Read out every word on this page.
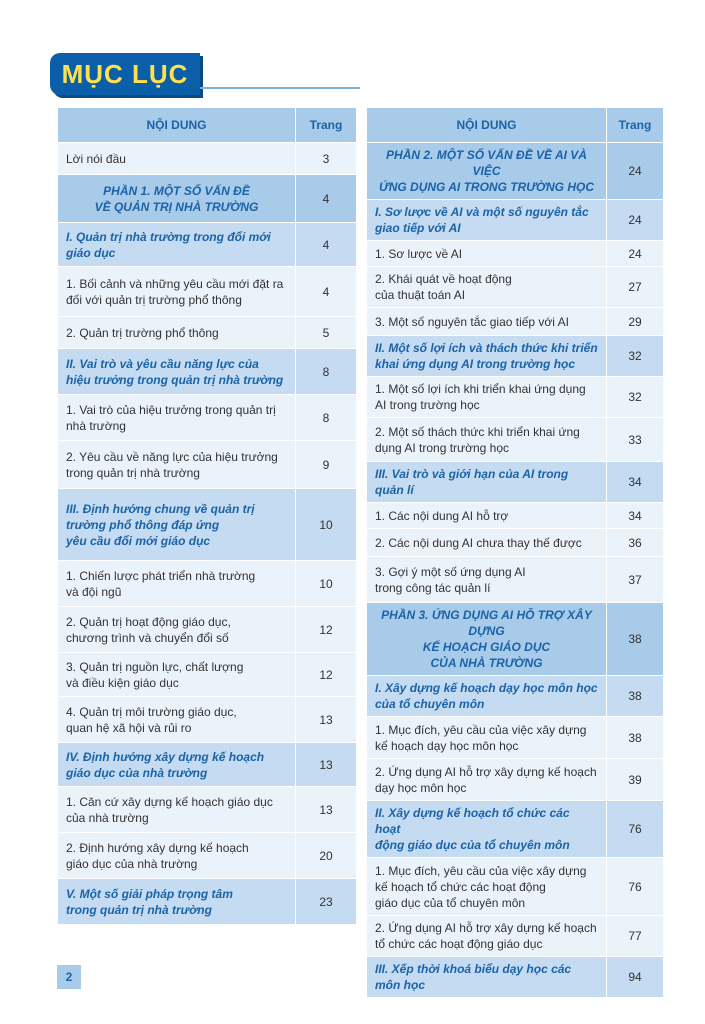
MỤC LỤC
NỘI DUNG	Trang
Lời nói đầu	3
PHẦN 1. MỘT SỐ VẤN ĐỀ
VỀ QUẢN TRỊ NHÀ TRƯỜNG	4
I. Quản trị nhà trường trong đổi mới
giáo dục	4
1. Bối cảnh và những yêu cầu mới đặt ra
đối với quản trị trường phổ thông	4
2. Quản trị trường phổ thông	5
II. Vai trò và yêu cầu năng lực của
hiệu trưởng trong quản trị nhà trường	8
1. Vai trò của hiệu trưởng trong quản trị
nhà trường	8
2. Yêu cầu về năng lực của hiệu trưởng
trong quản trị nhà trường	9
III. Định hướng chung về quản trị
trường phổ thông đáp ứng
yêu cầu đổi mới giáo dục	10
1. Chiến lược phát triển nhà trường
và đội ngũ	10
2. Quản trị hoạt động giáo dục,
chương trình và chuyển đổi số	12
3. Quản trị nguồn lực, chất lượng
và điều kiện giáo dục	12
4. Quản trị môi trường giáo dục,
quan hệ xã hội và rủi ro	13
IV. Định hướng xây dựng kế hoạch
giáo dục của nhà trường	13
1. Căn cứ xây dựng kế hoạch giáo dục
của nhà trường	13
2. Định hướng xây dựng kế hoạch
giáo dục của nhà trường	20
V. Một số giải pháp trọng tâm
trong quản trị nhà trường	23
NỘI DUNG	Trang
PHẦN 2. MỘT SỐ VẤN ĐỀ VỀ AI VÀ VIỆC
ỨNG DỤNG AI TRONG TRƯỜNG HỌC	24
I. Sơ lược về AI và một số nguyên tắc
giao tiếp với AI	24
1. Sơ lược về AI	24
2. Khái quát về hoạt động
của thuật toán AI	27
3. Một số nguyên tắc giao tiếp với AI	29
II. Một số lợi ích và thách thức khi triển
khai ứng dụng AI trong trường học	32
1. Một số lợi ích khi triển khai ứng dụng
AI trong trường học	32
2. Một số thách thức khi triển khai ứng
dụng AI trong trường học	33
III. Vai trò và giới hạn của AI trong quản lí	34
1. Các nội dung AI hỗ trợ	34
2. Các nội dung AI chưa thay thế được	36
3. Gợi ý một số ứng dụng AI
trong công tác quản lí	37
PHẦN 3. ỨNG DỤNG AI HỖ TRỢ XÂY DỰNG
KẾ HOẠCH GIÁO DỤC
CỦA NHÀ TRƯỜNG	38
I. Xây dựng kế hoạch dạy học môn học
của tổ chuyên môn	38
1. Mục đích, yêu cầu của việc xây dựng
kế hoạch dạy học môn học	38
2. Ứng dụng AI hỗ trợ xây dựng kế hoạch
dạy học môn học	39
II. Xây dựng kế hoạch tổ chức các hoạt
động giáo dục của tổ chuyên môn	76
1. Mục đích, yêu cầu của việc xây dựng
kế hoạch tổ chức các hoạt động
giáo dục của tổ chuyên môn	76
2. Ứng dụng AI hỗ trợ xây dựng kế hoạch
tổ chức các hoạt động giáo dục	77
III. Xếp thời khoá biểu dạy học các môn học	94
2
